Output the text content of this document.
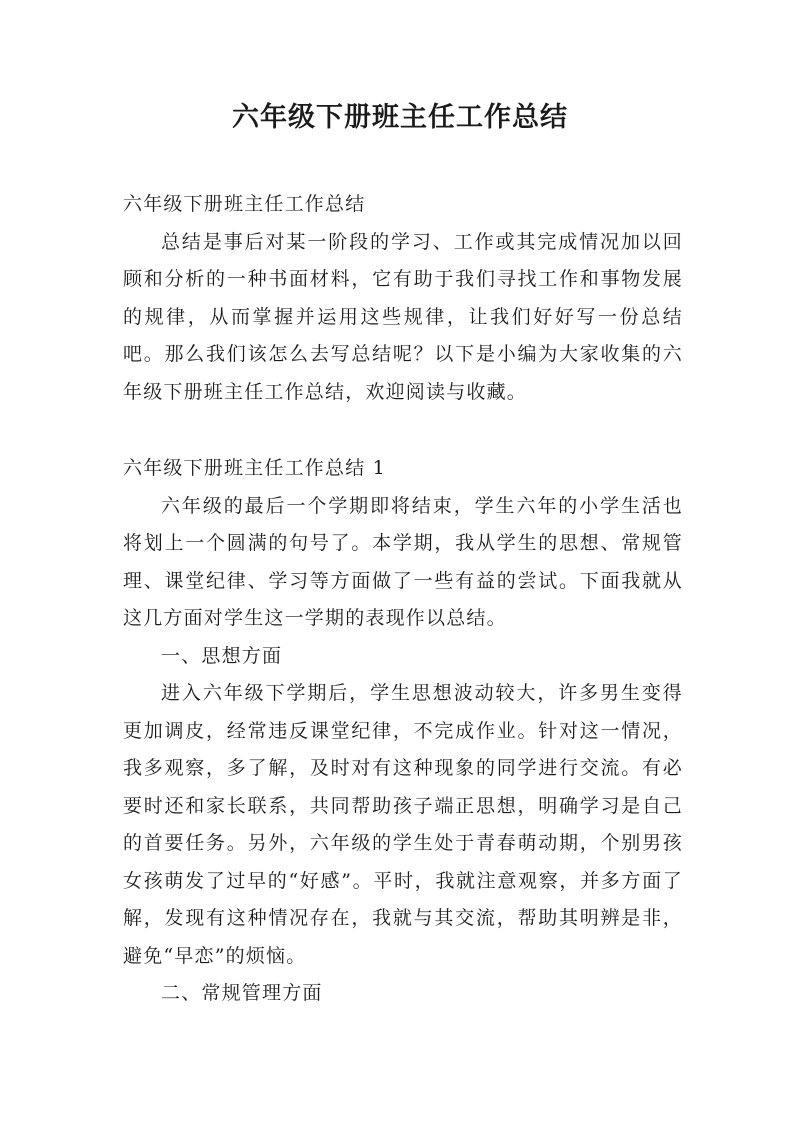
六年级下册班主任工作总结
六年级下册班主任工作总结

总结是事后对某一阶段的学习、工作或其完成情况加以回顾和分析的一种书面材料，它有助于我们寻找工作和事物发展的规律，从而掌握并运用这些规律，让我们好好写一份总结吧。那么我们该怎么去写总结呢？以下是小编为大家收集的六年级下册班主任工作总结，欢迎阅读与收藏。

六年级下册班主任工作总结 1

六年级的最后一个学期即将结束，学生六年的小学生活也将划上一个圆满的句号了。本学期，我从学生的思想、常规管理、课堂纪律、学习等方面做了一些有益的尝试。下面我就从这几方面对学生这一学期的表现作以总结。

一、思想方面

进入六年级下学期后，学生思想波动较大，许多男生变得更加调皮，经常违反课堂纪律，不完成作业。针对这一情况，我多观察，多了解，及时对有这种现象的同学进行交流。有必要时还和家长联系，共同帮助孩子端正思想，明确学习是自己的首要任务。另外，六年级的学生处于青春萌动期，个别男孩女孩萌发了过早的“好感”。平时，我就注意观察，并多方面了解，发现有这种情况存在，我就与其交流，帮助其明辨是非，避免“早恋”的烦恼。

二、常规管理方面
